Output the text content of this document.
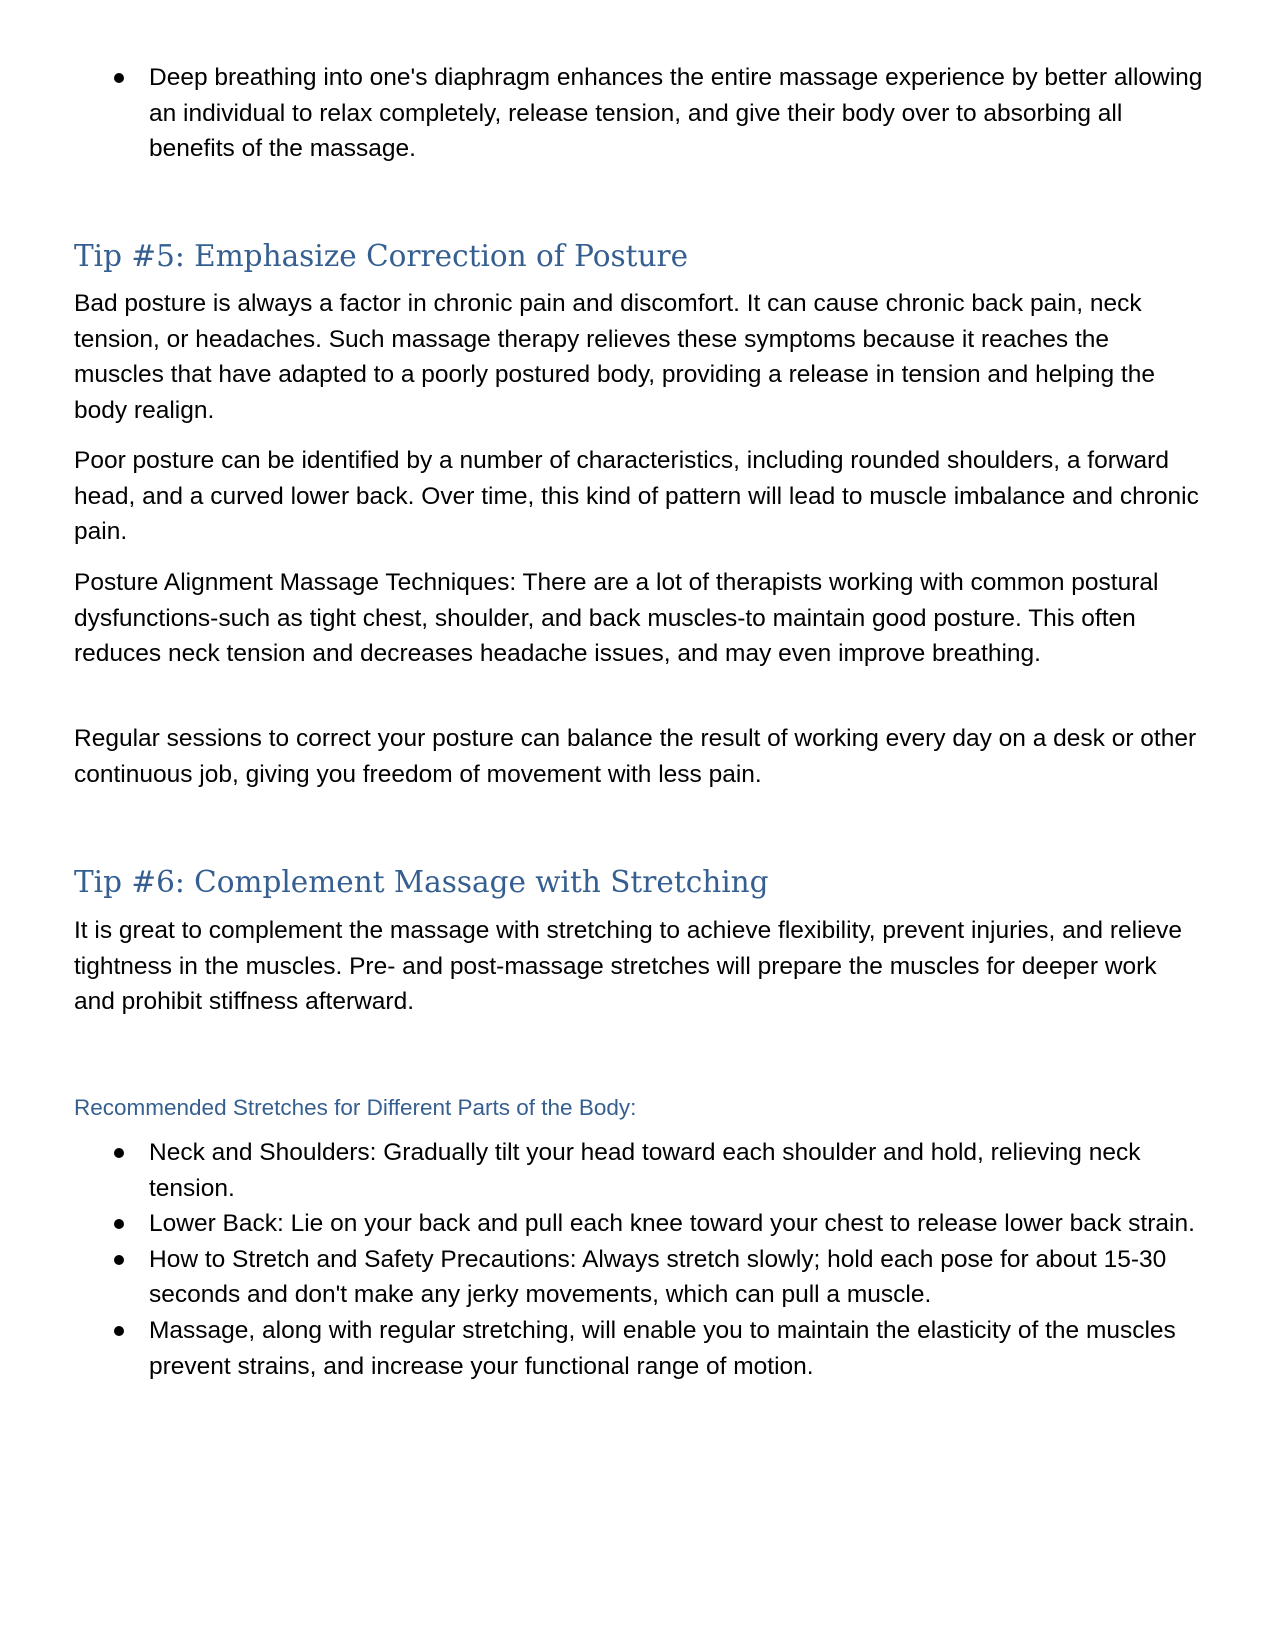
Deep breathing into one's diaphragm enhances the entire massage experience by better allowing an individual to relax completely, release tension, and give their body over to absorbing all benefits of the massage.
Tip #5: Emphasize Correction of Posture

Bad posture is always a factor in chronic pain and discomfort. It can cause chronic back pain, neck tension, or headaches. Such massage therapy relieves these symptoms because it reaches the muscles that have adapted to a poorly postured body, providing a release in tension and helping the body realign.

Poor posture can be identified by a number of characteristics, including rounded shoulders, a forward head, and a curved lower back. Over time, this kind of pattern will lead to muscle imbalance and chronic pain.

Posture Alignment Massage Techniques: There are a lot of therapists working with common postural dysfunctions-such as tight chest, shoulder, and back muscles-to maintain good posture. This often reduces neck tension and decreases headache issues, and may even improve breathing.

Regular sessions to correct your posture can balance the result of working every day on a desk or other continuous job, giving you freedom of movement with less pain.

Tip #6: Complement Massage with Stretching

It is great to complement the massage with stretching to achieve flexibility, prevent injuries, and relieve tightness in the muscles. Pre- and post-massage stretches will prepare the muscles for deeper work and prohibit stiffness afterward.

Recommended Stretches for Different Parts of the Body:
Neck and Shoulders: Gradually tilt your head toward each shoulder and hold, relieving neck tension.
Lower Back: Lie on your back and pull each knee toward your chest to release lower back strain.
How to Stretch and Safety Precautions: Always stretch slowly; hold each pose for about 15-30 seconds and don't make any jerky movements, which can pull a muscle.
Massage, along with regular stretching, will enable you to maintain the elasticity of the muscles prevent strains, and increase your functional range of motion.
